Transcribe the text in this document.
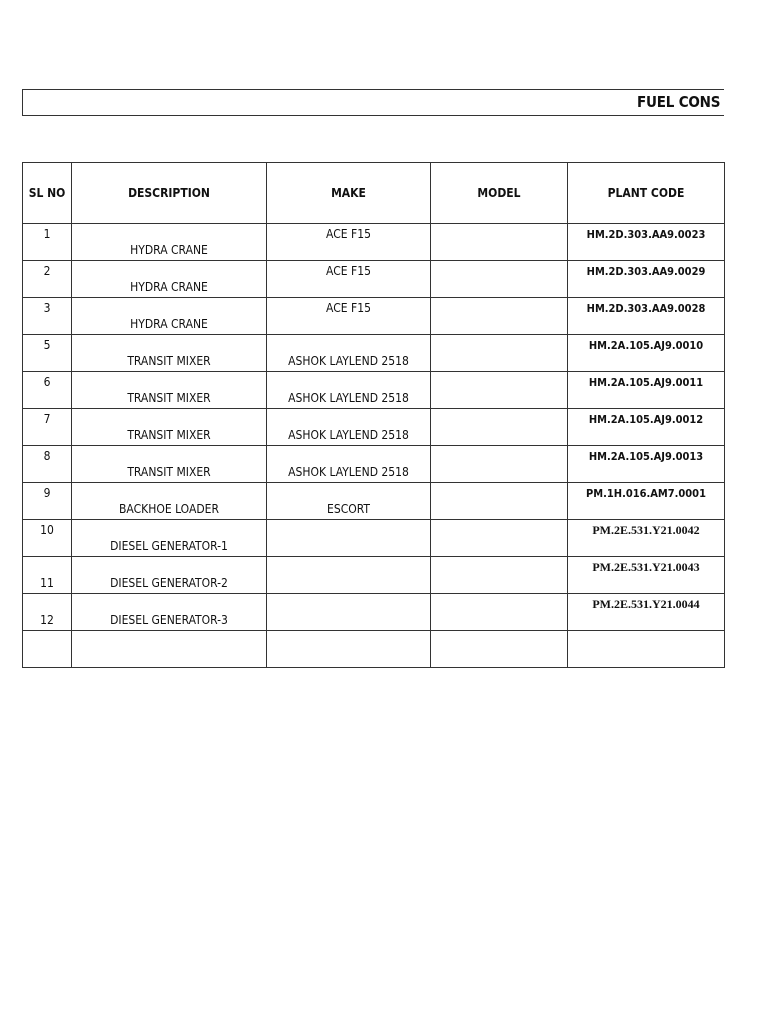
FUEL CONS
SL NO	DESCRIPTION	MAKE	MODEL	PLANT CODE

1	HYDRA CRANE	ACE F15		HM.2D.303.AA9.0023

2	HYDRA CRANE	ACE F15		HM.2D.303.AA9.0029

3	HYDRA CRANE	ACE F15		HM.2D.303.AA9.0028

5	TRANSIT MIXER	ASHOK LAYLEND 2518		HM.2A.105.AJ9.0010

6	TRANSIT MIXER	ASHOK LAYLEND 2518		HM.2A.105.AJ9.0011

7	TRANSIT MIXER	ASHOK LAYLEND 2518		HM.2A.105.AJ9.0012

8	TRANSIT MIXER	ASHOK LAYLEND 2518		HM.2A.105.AJ9.0013

9	BACKHOE LOADER	ESCORT		PM.1H.016.AM7.0001

10	DIESEL GENERATOR-1			PM.2E.531.Y21.0042

11	DIESEL GENERATOR-2			PM.2E.531.Y21.0043

12	DIESEL GENERATOR-3			PM.2E.531.Y21.0044
